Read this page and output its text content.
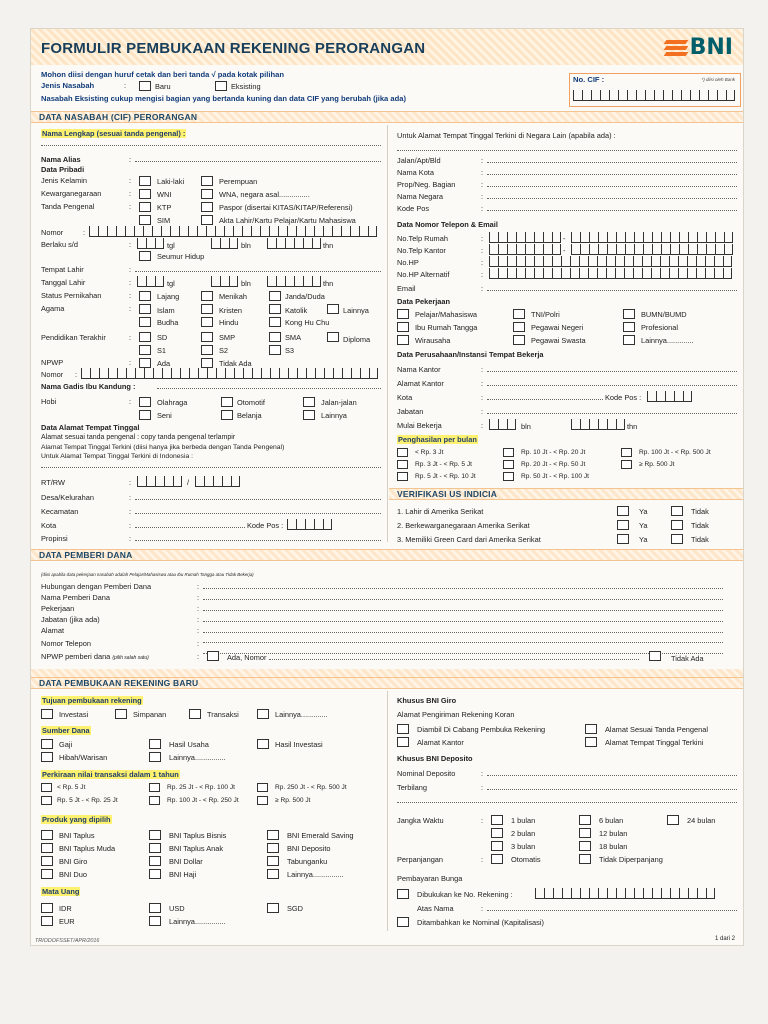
FORMULIR PEMBUKAAN REKENING PERORANGAN	BNI
Mohon diisi dengan huruf cetak dan beri tanda √ pada kotak pilihan
Jenis Nasabah	:	Baru	Eksisting
Nasabah Eksisting cukup mengisi bagian yang bertanda kuning dan data CIF yang berubah (jika ada)
No. CIF :	*) diisi oleh Bank
DATA NASABAH (CIF) PERORANGAN
Nama Lengkap (sesuai tanda pengenal) :
Nama Alias	:
Data Pribadi
Jenis Kelamin	:	Laki-laki	Perempuan
Kewarganegaraan	:	WNI	WNA, negara asal...............
Tanda Pengenal	:	KTP	Paspor (disertai KITAS/KITAP/Referensi)
SIM	Akta Lahir/Kartu Pelajar/Kartu Mahasiswa
Nomor	:
Berlaku s/d	:	tgl	bln	thn
Seumur Hidup
Tempat Lahir	:
Tanggal Lahir	:	tgl	bln	thn
Status Pernikahan	:	Lajang	Menikah	Janda/Duda
Agama	:	Islam	Kristen	Katolik	Lainnya
Budha	Hindu	Kong Hu Chu
Pendidikan Terakhir	:	SD	SMP	SMA	Diploma
S1	S2	S3
NPWP	:	Ada	Tidak Ada
Nomor :
Nama Gadis Ibu Kandung :
Hobi	:	Olahraga	Otomotif	Jalan-jalan
Seni	Belanja	Lainnya
Data Alamat Tempat Tinggal
Alamat sesuai tanda pengenal : copy tanda pengenal terlampir
Alamat Tempat Tinggal Terkini (diisi hanya jika berbeda dengan Tanda Pengenal)
Untuk Alamat Tempat Tinggal Terkini di Indonesia :
RT/RW	:	/
Desa/Kelurahan	:
Kecamatan	:
Kota	:	Kode Pos :
Propinsi	:
Untuk Alamat Tempat Tinggal Terkini di Negara Lain (apabila ada) :
Jalan/Apt/Bld	:
Nama Kota	:
Prop/Neg. Bagian	:
Nama Negara	:
Kode Pos	:
Data Nomor Telepon & Email
No.Telp Rumah	:	-
No.Telp Kantor	:	-
No.HP	:
No.HP Alternatif	:
Email	:
Data Pekerjaan
Pelajar/Mahasiswa	TNI/Polri	BUMN/BUMD
Ibu Rumah Tangga	Pegawai Negeri	Profesional
Wirausaha	Pegawai Swasta	Lainnya.............
Data Perusahaan/Instansi Tempat Bekerja
Nama Kantor	:
Alamat Kantor	:
Kota	:	Kode Pos :
Jabatan	:
Mulai Bekerja	:	bln	thn
Penghasilan per bulan
< Rp. 3 Jt	Rp. 10 Jt - < Rp. 20 Jt	Rp. 100 Jt - < Rp. 500 Jt
Rp. 3 Jt - < Rp. 5 Jt	Rp. 20 Jt - < Rp. 50 Jt	≥ Rp. 500 Jt
Rp. 5 Jt - < Rp. 10 Jt	Rp. 50 Jt - < Rp. 100 Jt
VERIFIKASI US INDICIA
1. Lahir di Amerika Serikat	Ya	Tidak
2. Berkewarganegaraan Amerika Serikat	Ya	Tidak
3. Memiliki Green Card dari Amerika Serikat	Ya	Tidak
DATA PEMBERI DANA
(diisi apabila data pekerjaan nasabah adalah Pelajar/Mahasiswa atau Ibu Rumah Tangga atau Tidak Bekerja)
Hubungan dengan Pemberi Dana	:
Nama Pemberi Dana	:
Pekerjaan	:
Jabatan (jika ada)	:
Alamat	:
Nomor Telepon	:
NPWP pemberi dana (pilih salah satu)	:	Ada, Nomor	Tidak Ada
DATA PEMBUKAAN REKENING BARU
Tujuan pembukaan rekening
Investasi	Simpanan	Transaksi	Lainnya.............
Sumber Dana
Gaji	Hasil Usaha	Hasil Investasi
Hibah/Warisan	Lainnya...............
Perkiraan nilai transaksi dalam 1 tahun
< Rp. 5 Jt	Rp. 25 Jt - < Rp. 100 Jt	Rp. 250 Jt - < Rp. 500 Jt
Rp. 5 Jt - < Rp. 25 Jt	Rp. 100 Jt - < Rp. 250 Jt	≥ Rp. 500 Jt
Produk yang dipilih
BNI Taplus	BNI Taplus Bisnis	BNI Emerald Saving
BNI Taplus Muda	BNI Taplus Anak	BNI Deposito
BNI Giro	BNI Dollar	Tabunganku
BNI Duo	BNI Haji	Lainnya...............
Mata Uang
IDR	USD	SGD
EUR	Lainnya...............
Khusus BNI Giro
Alamat Pengiriman Rekening Koran
Diambil Di Cabang Pembuka Rekening	Alamat Sesuai Tanda Pengenal
Alamat Kantor	Alamat Tempat Tinggal Terkini
Khusus BNI Deposito
Nominal Deposito	:
Terbilang	:
Jangka Waktu	:	1 bulan	6 bulan	24 bulan
2 bulan	12 bulan
3 bulan	18 bulan
Perpanjangan	:	Otomatis	Tidak Diperpanjang
Pembayaran Bunga
Dibukukan ke No. Rekening :
Atas Nama	:
Ditambahkan ke Nominal (Kapitalisasi)
TRIODOFSSET/APR/2016	1 dari 2
